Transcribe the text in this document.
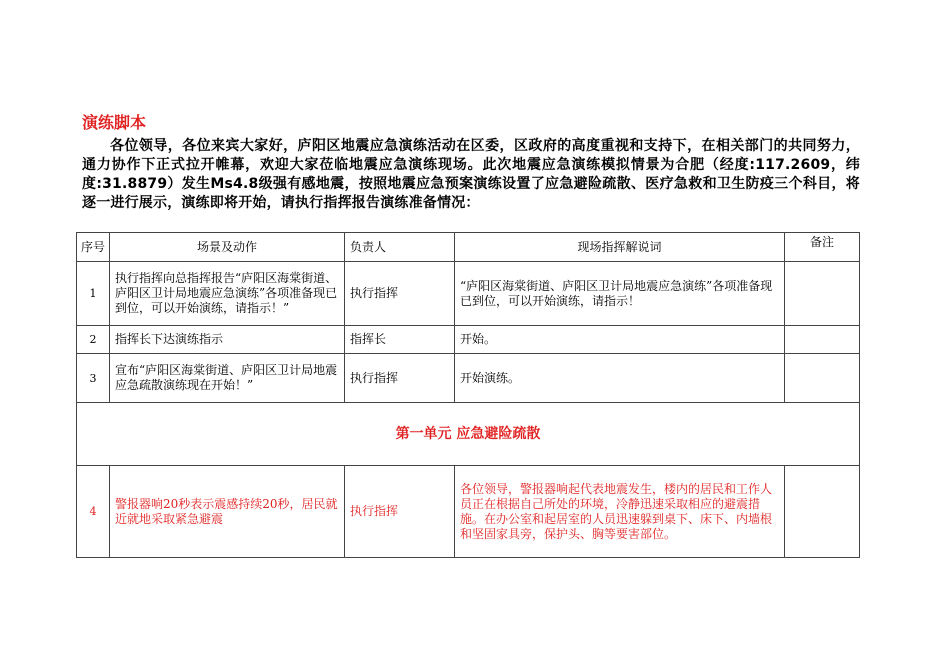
演练脚本
各位领导，各位来宾大家好，庐阳区地震应急演练活动在区委，区政府的高度重视和支持下，在相关部门的共同努力，通力协作下正式拉开帷幕，欢迎大家莅临地震应急演练现场。此次地震应急演练模拟情景为合肥（经度:117.2609，纬度:31.8879）发生Ms4.8级强有感地震，按照地震应急预案演练设置了应急避险疏散、医疗急救和卫生防疫三个科目，将逐一进行展示，演练即将开始，请执行指挥报告演练准备情况：
序号	场景及动作	负责人	现场指挥解说词	备注
1	执行指挥向总指挥报告“庐阳区海棠街道、庐阳区卫计局地震应急演练”各项准备现已到位，可以开始演练，请指示！”	执行指挥	“庐阳区海棠街道、庐阳区卫计局地震应急演练”各项准备现已到位，可以开始演练，请指示！	
2	指挥长下达演练指示	指挥长	开始。	
3	宣布“庐阳区海棠街道、庐阳区卫计局地震应急疏散演练现在开始！”	执行指挥	开始演练。	
第一单元 应急避险疏散				
4	警报器响20秒表示震感持续20秒，居民就近就地采取紧急避震	执行指挥	各位领导，警报器响起代表地震发生，楼内的居民和工作人员正在根据自己所处的环境，冷静迅速采取相应的避震措施。在办公室和起居室的人员迅速躲到桌下、床下、内墙根和坚固家具旁，保护头、胸等要害部位。	
